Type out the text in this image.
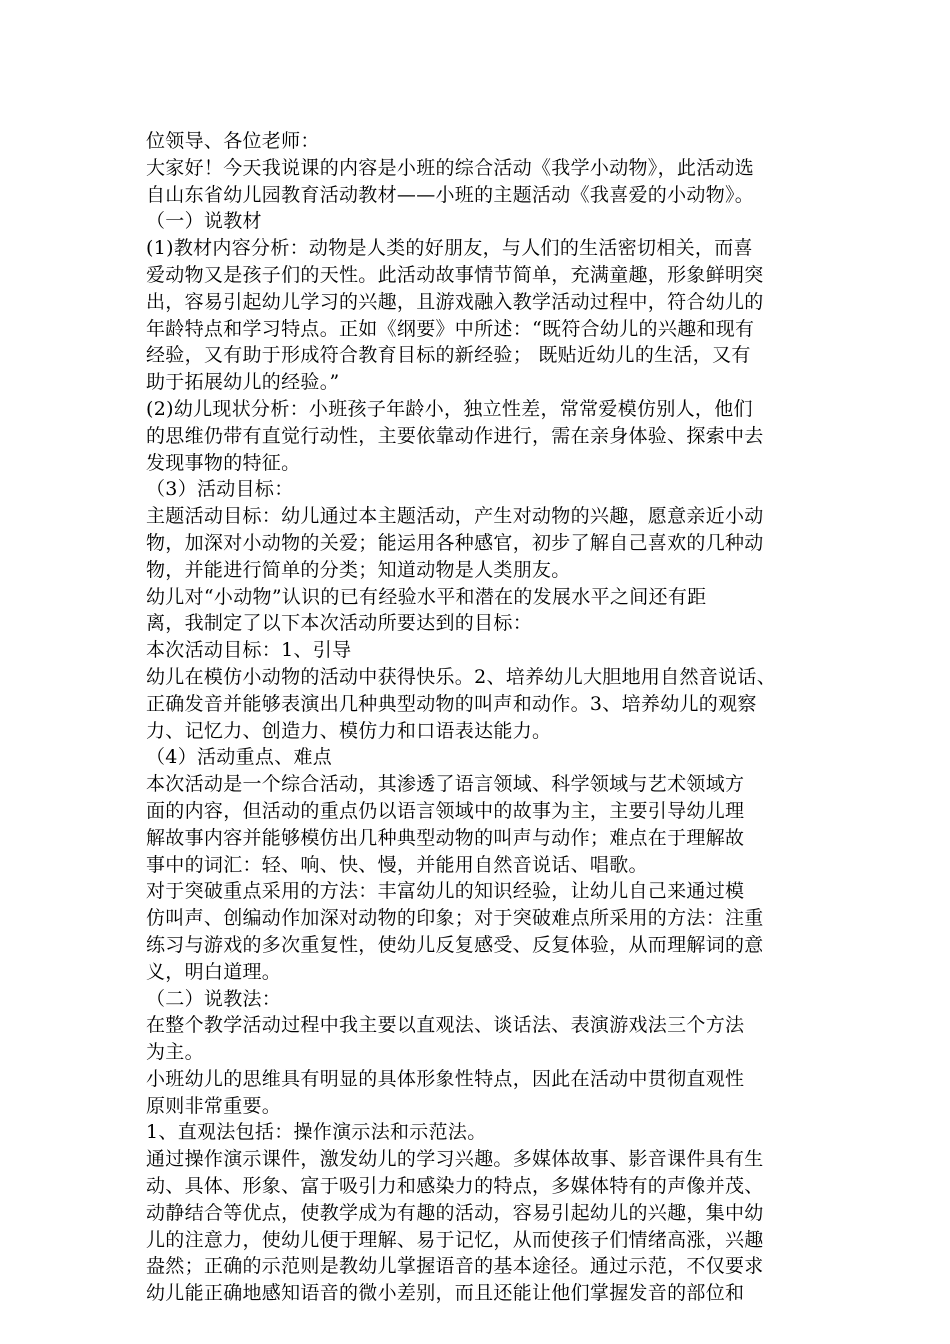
位领导、各位老师：
大家好！今天我说课的内容是小班的综合活动《我学小动物》，此活动选
自山东省幼儿园教育活动教材——小班的主题活动《我喜爱的小动物》。
（一）说教材
(1)教材内容分析：动物是人类的好朋友，与人们的生活密切相关，而喜
爱动物又是孩子们的天性。此活动故事情节简单，充满童趣，形象鲜明突
出，容易引起幼儿学习的兴趣，且游戏融入教学活动过程中，符合幼儿的
年龄特点和学习特点。正如《纲要》中所述：“既符合幼儿的兴趣和现有
经验，又有助于形成符合教育目标的新经验； 既贴近幼儿的生活，又有
助于拓展幼儿的经验。”
(2)幼儿现状分析：小班孩子年龄小，独立性差，常常爱模仿别人，他们
的思维仍带有直觉行动性，主要依靠动作进行，需在亲身体验、探索中去
发现事物的特征。
（3）活动目标：
主题活动目标：幼儿通过本主题活动，产生对动物的兴趣，愿意亲近小动
物，加深对小动物的关爱；能运用各种感官，初步了解自己喜欢的几种动
物，并能进行简单的分类；知道动物是人类朋友。
幼儿对“小动物”认识的已有经验水平和潜在的发展水平之间还有距
离，我制定了以下本次活动所要达到的目标：
本次活动目标：1、引导
幼儿在模仿小动物的活动中获得快乐。2、培养幼儿大胆地用自然音说话、
正确发音并能够表演出几种典型动物的叫声和动作。3、培养幼儿的观察
力、记忆力、创造力、模仿力和口语表达能力。
（4）活动重点、难点
本次活动是一个综合活动，其渗透了语言领域、科学领域与艺术领域方
面的内容，但活动的重点仍以语言领域中的故事为主，主要引导幼儿理
解故事内容并能够模仿出几种典型动物的叫声与动作；难点在于理解故
事中的词汇：轻、响、快、慢，并能用自然音说话、唱歌。
对于突破重点采用的方法：丰富幼儿的知识经验，让幼儿自己来通过模
仿叫声、创编动作加深对动物的印象；对于突破难点所采用的方法：注重
练习与游戏的多次重复性，使幼儿反复感受、反复体验，从而理解词的意
义，明白道理。
（二）说教法：
在整个教学活动过程中我主要以直观法、谈话法、表演游戏法三个方法
为主。
小班幼儿的思维具有明显的具体形象性特点，因此在活动中贯彻直观性
原则非常重要。
1、直观法包括：操作演示法和示范法。
通过操作演示课件，激发幼儿的学习兴趣。多媒体故事、影音课件具有生
动、具体、形象、富于吸引力和感染力的特点，多媒体特有的声像并茂、
动静结合等优点，使教学成为有趣的活动，容易引起幼儿的兴趣，集中幼
儿的注意力，使幼儿便于理解、易于记忆，从而使孩子们情绪高涨，兴趣
盎然；正确的示范则是教幼儿掌握语音的基本途径。通过示范，不仅要求
幼儿能正确地感知语音的微小差别，而且还能让他们掌握发音的部位和
